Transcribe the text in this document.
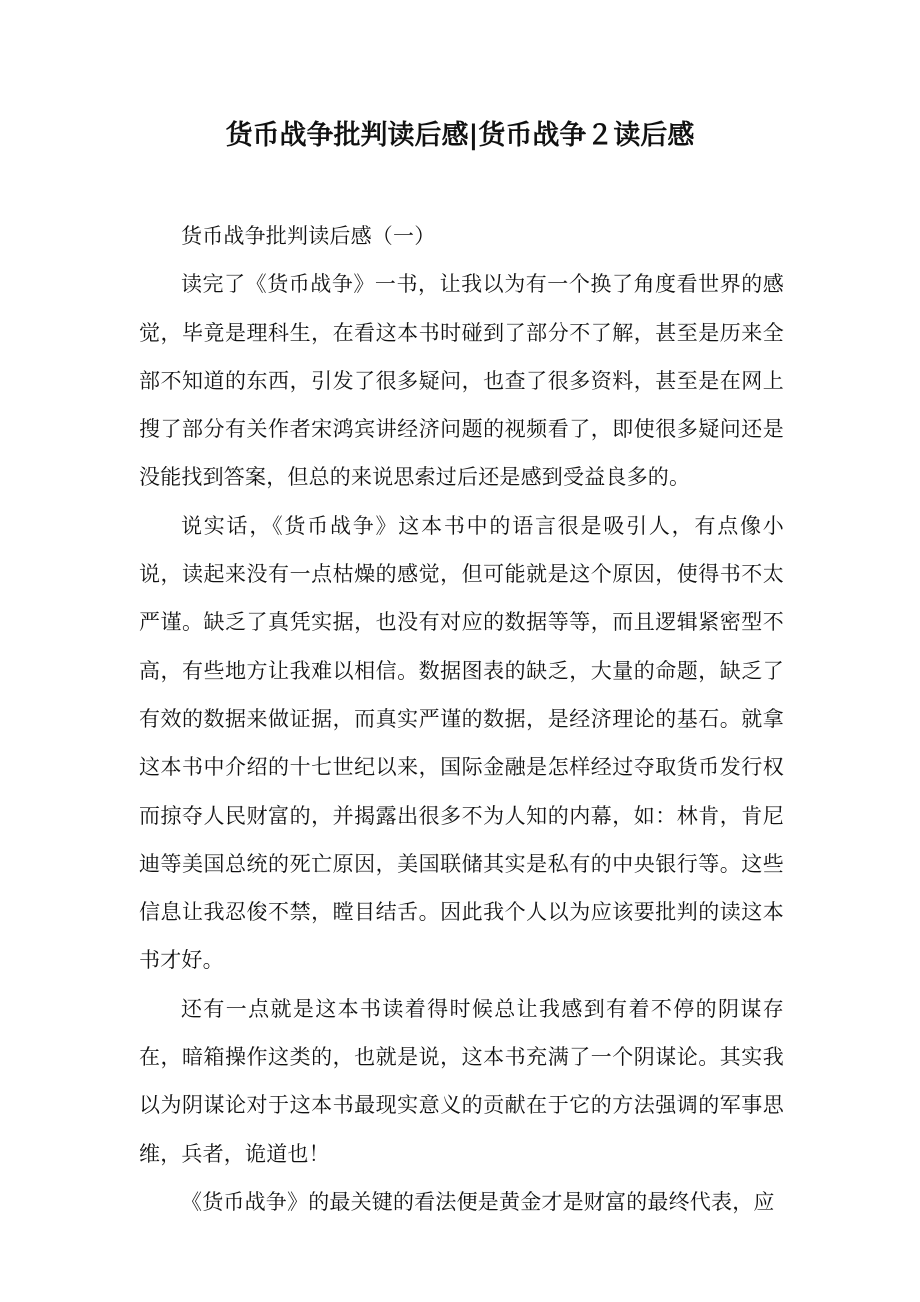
货币战争批判读后感|货币战争２读后感

货币战争批判读后感（一）

读完了《货币战争》一书，让我以为有一个换了角度看世界的感觉，毕竟是理科生，在看这本书时碰到了部分不了解，甚至是历来全部不知道的东西，引发了很多疑问，也查了很多资料，甚至是在网上搜了部分有关作者宋鸿宾讲经济问题的视频看了，即使很多疑问还是没能找到答案，但总的来说思索过后还是感到受益良多的。

说实话，《货币战争》这本书中的语言很是吸引人，有点像小说，读起来没有一点枯燥的感觉，但可能就是这个原因，使得书不太严谨。缺乏了真凭实据，也没有对应的数据等等，而且逻辑紧密型不高，有些地方让我难以相信。数据图表的缺乏，大量的命题，缺乏了有效的数据来做证据，而真实严谨的数据，是经济理论的基石。就拿这本书中介绍的十七世纪以来，国际金融是怎样经过夺取货币发行权而掠夺人民财富的，并揭露出很多不为人知的内幕，如：林肯，肯尼迪等美国总统的死亡原因，美国联储其实是私有的中央银行等。这些信息让我忍俊不禁，瞠目结舌。因此我个人以为应该要批判的读这本书才好。

还有一点就是这本书读着得时候总让我感到有着不停的阴谋存在，暗箱操作这类的，也就是说，这本书充满了一个阴谋论。其实我以为阴谋论对于这本书最现实意义的贡献在于它的方法强调的军事思维，兵者，诡道也！

《货币战争》的最关键的看法便是黄金才是财富的最终代表，应
